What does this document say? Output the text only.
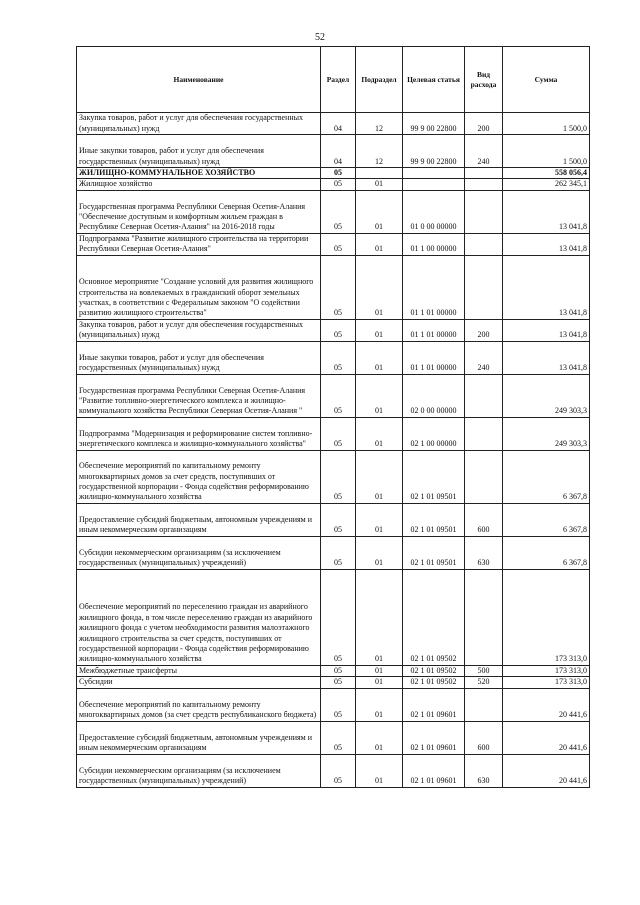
52
Наименование	Раздел	Подраздел	Целевая статья	Вид расхода	Сумма
Закупка товаров, работ и услуг для обеспечения государственных (муниципальных) нужд	04	12	99 9 00 22800	200	1 500,0
Иные закупки товаров, работ и услуг для обеспечения государственных (муниципальных) нужд	04	12	99 9 00 22800	240	1 500,0
ЖИЛИЩНО-КОММУНАЛЬНОЕ ХОЗЯЙСТВО	05				558 056,4
Жилищное хозяйство	05	01			262 345,1
Государственная программа Республики Северная Осетия-Алания "Обеспечение доступным и комфортным жильем граждан в Республике Северная Осетия-Алания" на 2016-2018 годы	05	01	01 0 00 00000		13 041,8
Подпрограмма "Развитие жилищного строительства на территории Республики Северная Осетия-Алания"	05	01	01 1 00 00000		13 041,8
Основное мероприятие "Создание условий для развития жилищного строительства на вовлекаемых в гражданский оборот земельных участках, в соответствии с Федеральным законом "О содействии развитию жилищного строительства"	05	01	01 1 01 00000		13 041,8
Закупка товаров, работ и услуг для обеспечения государственных (муниципальных) нужд	05	01	01 1 01 00000	200	13 041,8
Иные закупки товаров, работ и услуг для обеспечения государственных (муниципальных) нужд	05	01	01 1 01 00000	240	13 041,8
Государственная программа Республики Северная Осетия-Алания "Развитие топливно-энергетического комплекса и жилищно-коммунального хозяйства Республики Северная Осетия-Алания "	05	01	02 0 00 00000		249 303,3
Подпрограмма "Модернизация и реформирование систем топливно-энергетического комплекса и жилищно-коммунального хозяйства"	05	01	02 1 00 00000		249 303,3
Обеспечение мероприятий по капитальному ремонту многоквартирных домов за счет средств, поступивших от государственной корпорации - Фонда содействия реформированию жилищно-коммунального хозяйства	05	01	02 1 01 09501		6 367,8
Предоставление субсидий бюджетным, автономным учреждениям и иным некоммерческим организациям	05	01	02 1 01 09501	600	6 367,8
Субсидии некоммерческим организациям (за исключением государственных (муниципальных) учреждений)	05	01	02 1 01 09501	630	6 367,8
Обеспечение мероприятий по переселению граждан из аварийного жилищного фонда, в том числе переселению граждан из аварийного жилищного фонда с учетом необходимости развития малоэтажного жилищного строительства за счет средств, поступивших от государственной корпорации - Фонда содействия реформированию жилищно-коммунального хозяйства	05	01	02 1 01 09502		173 313,0
Межбюджетные трансферты	05	01	02 1 01 09502	500	173 313,0
Субсидии	05	01	02 1 01 09502	520	173 313,0
Обеспечение мероприятий по капитальному ремонту многоквартирных домов (за счет средств республиканского бюджета)	05	01	02 1 01 09601		20 441,6
Предоставление субсидий бюджетным, автономным учреждениям и иным некоммерческим организациям	05	01	02 1 01 09601	600	20 441,6
Субсидии некоммерческим организациям (за исключением государственных (муниципальных) учреждений)	05	01	02 1 01 09601	630	20 441,6
